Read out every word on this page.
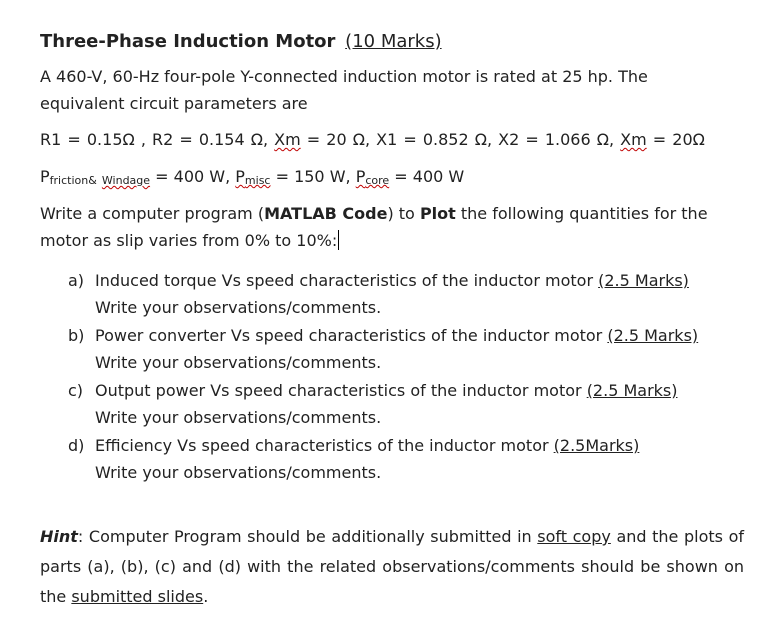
Three-Phase Induction Motor (10 Marks)

A 460-V, 60-Hz four-pole Y-connected induction motor is rated at 25 hp. The
equivalent circuit parameters are

R1 = 0.15Ω , R2 = 0.154 Ω, Xm = 20 Ω, X1 = 0.852 Ω, X2 = 1.066 Ω, Xm = 20Ω

Pfriction& Windage = 400 W, Pmisc = 150 W, Pcore = 400 W

Write a computer program (MATLAB Code) to Plot the following quantities for the
motor as slip varies from 0% to 10%:

a) Induced torque Vs speed characteristics of the inductor motor (2.5 Marks)
Write your observations/comments.
b) Power converter Vs speed characteristics of the inductor motor (2.5 Marks)
Write your observations/comments.
c) Output power Vs speed characteristics of the inductor motor (2.5 Marks)
Write your observations/comments.
d) Efficiency Vs speed characteristics of the inductor motor (2.5Marks)
Write your observations/comments.

Hint: Computer Program should be additionally submitted in soft copy and the plots of parts (a), (b), (c) and (d) with the related observations/comments should be shown on the submitted slides.
